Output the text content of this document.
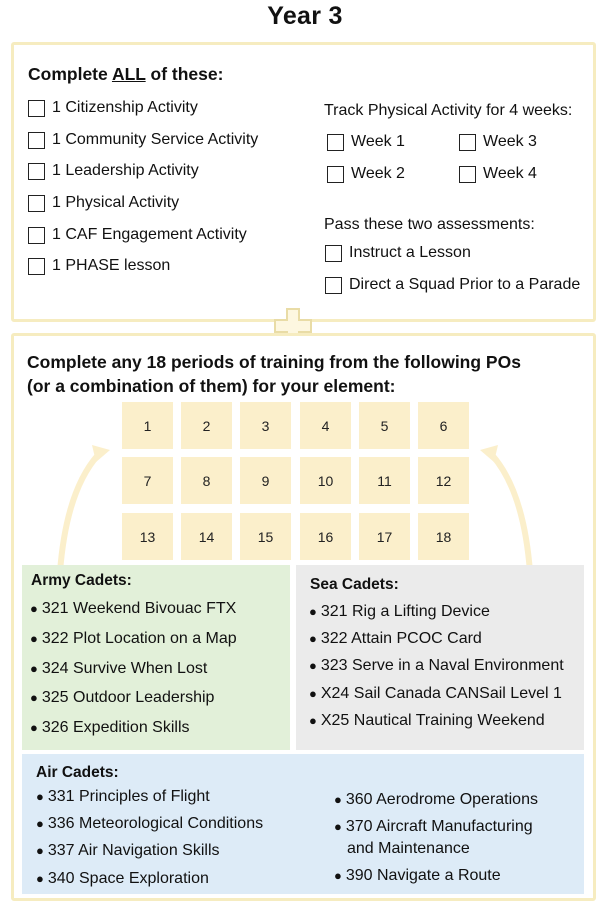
Year 3
Complete ALL of these:
1 Citizenship Activity
1 Community Service Activity
1 Leadership Activity
1 Physical Activity
1 CAF Engagement Activity
1 PHASE lesson
Track Physical Activity for 4 weeks:
Week 1	Week 3
Week 2	Week 4
Pass these two assessments:
Instruct a Lesson
Direct a Squad Prior to a Parade
Complete any 18 periods of training from the following POs
(or a combination of them) for your element:
1	2	3	4	5	6
7	8	9	10	11	12
13	14	15	16	17	18
Army Cadets:
● 321 Weekend Bivouac FTX
● 322 Plot Location on a Map
● 324 Survive When Lost
● 325 Outdoor Leadership
● 326 Expedition Skills
Sea Cadets:
● 321 Rig a Lifting Device
● 322 Attain PCOC Card
● 323 Serve in a Naval Environment
● X24 Sail Canada CANSail Level 1
● X25 Nautical Training Weekend
Air Cadets:
● 331 Principles of Flight
● 336 Meteorological Conditions
● 337 Air Navigation Skills
● 340 Space Exploration
● 360 Aerodrome Operations
● 370 Aircraft Manufacturing
and Maintenance
● 390 Navigate a Route
